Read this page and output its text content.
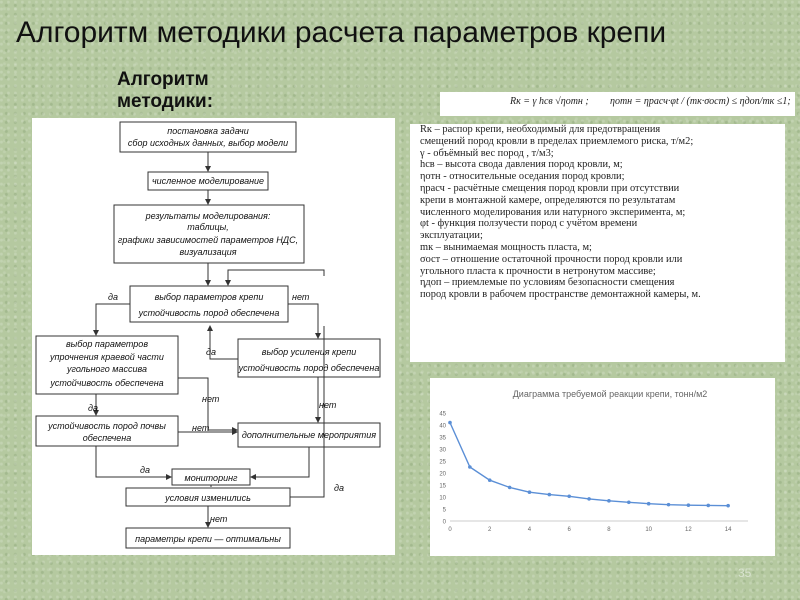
Алгоритм методики расчета параметров крепи
Алгоритм
методики:	Rк = γ hсв √ηотн ; ηотн = ηрасч·φt / (mк·σост) ≤ ηдоп/mк ≤1;
постановка задачи
сбор исходных данных, выбор модели
численное моделирование
результаты моделирования:
таблицы,
графики зависимостей параметров НДС,
визуализация
выбор параметров крепи
устойчивость пород обеспечена
выбор параметров
упрочнения краевой части
угольного массива
устойчивость обеспечена
выбор усиления крепи
устойчивость пород обеспечена
устойчивость пород почвы
обеспечена	дополнительные мероприятия
мониторинг
условия изменились
параметры крепи — оптимальны
да	нет
да
нет
да	нет
нет
да
да
нет
Rк – распор крепи, необходимый для предотвращения
смещений пород кровли в пределах приемлемого риска, т/м2;
γ - объёмный вес пород , т/м3;
hсв – высота свода давления пород кровли, м;
ηотн - относительные оседания пород кровли;
ηрасч - расчётные смещения пород кровли при отсутствии
крепи в монтажной камере, определяются по результатам
численного моделирования или натурного эксперимента, м;
φt - функция ползучести пород с учётом времени
эксплуатации;
mк – вынимаемая мощность пласта, м;
σост – отношение остаточной прочности пород кровли или
угольного пласта к прочности в нетронутом массиве;
ηдоп – приемлемые по условиям безопасности смещения
пород кровли в рабочем пространстве демонтажной камеры, м.
Диаграмма требуемой реакции крепи, тонн/м2
0
5
10
15
20
25
30
35
40
45
0	2	4	6	8	10	12	14
35
